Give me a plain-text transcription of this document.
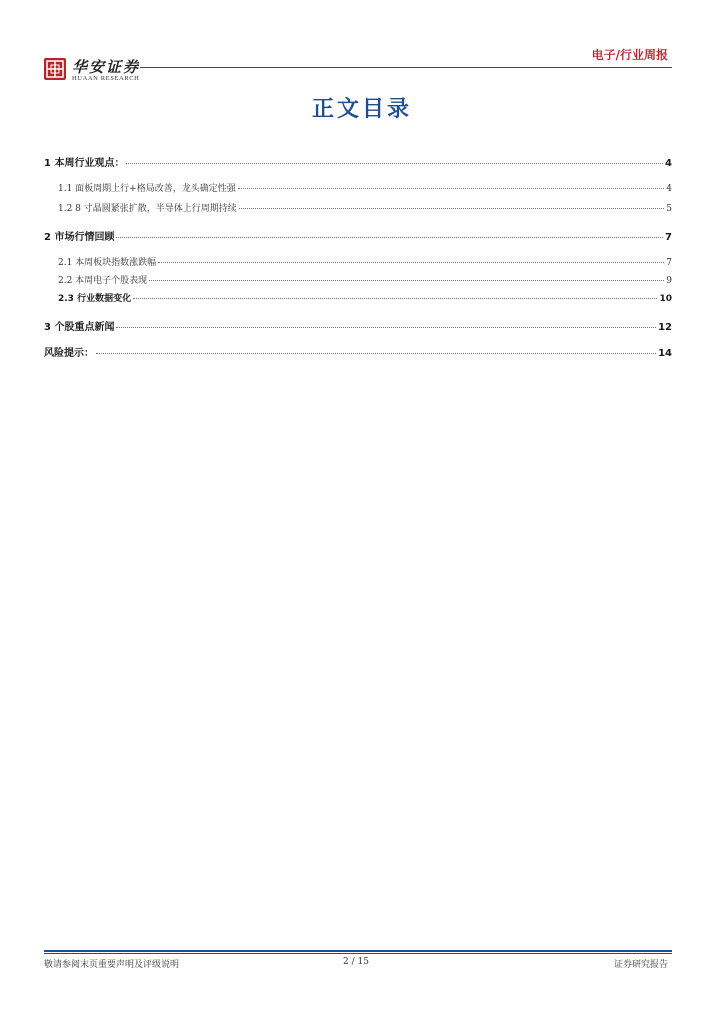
华安证券
HUAAN RESEARCH
电子/行业周报
正文目录
1 本周行业观点：	4
1.1 面板周期上行+格局改善，龙头确定性强	4
1.2 8 寸晶圆紧张扩散，半导体上行周期持续	5
2 市场行情回顾	7
2.1 本周板块指数涨跌幅	7
2.2 本周电子个股表现	9
2.3 行业数据变化	10
3 个股重点新闻	12
风险提示：	14
敬请参阅末页重要声明及评级说明	2 / 15	证券研究报告
